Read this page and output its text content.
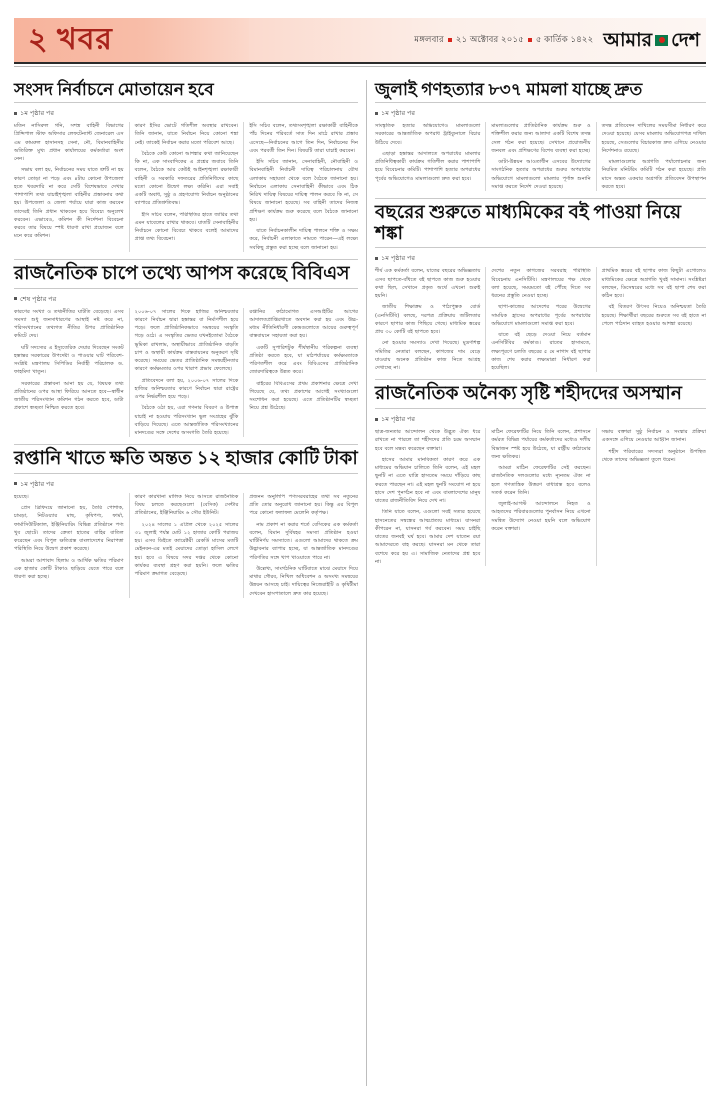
২ খবর	মঙ্গলবার ২১ অক্টোবর ২০১৫ ৫ কার্তিক ১৪২২ আমার দেশ
সংসদ নির্বাচনে মোতায়েন হবে
১ম পৃষ্ঠার পর

মতিন নাসিরুল গনি, সশস্ত্র বাহিনী বিভাগের প্রিন্সিপাল স্টাফ অফিসার লেফটেন্যান্ট জেনারেল এস এম কামরুল হাসানসহ সেনা, নৌ, বিমানবাহিনীর অতিরিক্ত মুখ্য প্রধান কার্যালয়ের কর্মকর্তারা অংশ নেন।

সভায় বলা হয়, নির্বাচনের সময় যাতে ত্রুটি না হয় কারণ তোড়া না পড়ে এবং ৪টায় কোনো উপজেলা হতে খবরদারি না করে সেটি বিশেষভাবে দেখার পাশাপাশি তথ্য যাচাইশৃঙ্খলা বাহিনীর প্রস্তাবনার কথা হয়। উপজেলা ও জেলা পর্যায়ে যারা কাজ করবেন তাদেরই তিনি প্রধান থাকবেন হয়ে বিবেচ্য অনুলেখ করবেন। এভাবেও, কমিশন কী নির্দেশনা বিবেচনা করবে তার বিষয়ে স্পষ্ট ধারণা রাখা প্রয়োজন বলে মনে করে কমিশন।

কারণ ইসির ভোটে গতিশীল অবস্থার রাখবেন। তিনি জানান, যাতে নির্বাচন নিয়ে কোনো শঙ্কা নেই। তাকেই নির্বাচন করার মতো পরিবেশ আছে।

বৈঠকে কেউ কোনো আশঙ্কার কথা জানিয়েছেন কি না, এক সাংবাদিকের এ প্রশ্নের জবাবে তিনি বলেন, বৈঠকে আর কেউই আইনশৃঙ্খলা রক্ষাকারী বাহিনী ও সরকারি দফতরের প্রতিনিধিদের কাছে মতো কোনো উদ্বেগ লক্ষ্য করিনি। এরা সবাই একটি অবাধ, সুষ্ঠু ও গ্রহণযোগ্য নির্বাচন অনুষ্ঠানের ব্যাপারে প্রতিশ্রুতিবদ্ধ।

ইসি সচিব বলেন, পরিস্থিতির হাতে জারির তথা এমন যাবেলের রাখার থাকবে। যাতটি সেনাবাহিনীর নির্বাচনে কোনো বিবেচ্য থাকবে বলেই আমাদের প্রাপ্ত তথ্য বিবেচনা।

ইসি সচিব বলেন, তথ্যসংশৃঙ্খলা রক্ষাকারী বাহিনীকে পাঁচ দিনের পরিবর্তে সাত দিন মাঠে রাখার প্রস্তাব এসেছে—নির্বাচনের আগে তিন দিন, নির্বাচনের দিন এবং পরবর্তী তিন দিন। বিষয়টি তারা যাচাই করবেন।

ইসি সচিব জানান, সেনাবাহিনী, নৌবাহিনী ও বিমানবাহিনী নির্বাচনী দায়িত্ব পরিচালনায় যৌথ এলাকায় সহায়তা থেকে বলে বৈঠকে জানানো হয়। নির্বাচনে এলাকায় সেনাবাহিনী কীভাবে এবং ঠিক নিরিখ দায়িত্ব বিষয়ের দায়িত্ব পালন করবে কি না, সে বিষয়ে জানানো হয়েছে। সব বাহিনী তাদের নিজস্ব প্রশিক্ষণ কার্যক্রম শুরু করেছে বলে বৈঠকে জানানো হয়।

যাতে নির্বাচনকালীন দায়িত্ব পালনে শক্তি ও সক্ষম করে, নির্বাচনী এলাকাতে নামতে পারেন—এই লক্ষ্যে সবকিছু প্রস্তুত করা হচ্ছে বলে জানানো হয়।

রাজনৈতিক চাপে তথ্যে আপস করেছে বিবিএস
শেষ পৃষ্ঠার পর

কারণের সংখ্যা ও তথ্যনীতির ঘাটতি বেড়েছে। এসব সমস্যা শুধু জনসাধারণের আস্থাই নষ্ট করে না, পরিসংখ্যানের তথ্যগত নীতির উপর প্রাতিষ্ঠানিক কমিটে দেয়।

ঘটি সদস্যের এ ইস্যুতেরিক দেয়ার দিবেছেন সংকট হস্তান্তর সরকারের উপদেষ্টা ও পাওয়ার ঘাট পরিবেশ-সংশ্লিষ্ট মন্ত্রণালয় সিপিডির নির্বাহী পরিচালক ড. ফাহমিদা খাতুন।

সরকারের প্রস্তাবনা আনা হয় যে, বিষয়ক তথ্য প্রতিষ্ঠানের ওপর আস্থা ফিরিয়ে আনতে হবে—স্বাধীন জাতীয় পরিসংখ্যান কমিশন গঠন করতে হবে, ডাটা প্রকাশে স্বচ্ছতা নিশ্চিত করতে হবে।

২০০৬-০৭ সালের দিকে হাজির অনিশ্চয়তার কারণে নির্বাচন দ্বারা হস্তান্তর বা নির্মাণশীল হয়ে পড়ে। ফলে প্রাতিষ্ঠানিকভাবে সমন্বয়ের সংস্কৃতি গড়ে ওঠে। এ সংস্কৃতির ভেতর যখনইতোমা বৈঠকে ভূমিকা রাখলাম, অস্থায়ীভাবে প্রাতিষ্ঠানিক বাড়তি চাপ ও অস্থায়ী কার্যক্রম বাস্তবায়নের অনুকরণ সৃষ্টি করেছে। সময়ের ভেতর প্রাতিষ্ঠানিক সমন্বয়হীনতার কারণে কর্মক্ষমতার ওপর খারাপ প্রভাব ফেলেছে।

প্রতিবেদনে বলা হয়, ২০০৬-০৭ সালের দিকে হাজির অনিশ্চয়তার কারণে নির্বাচন দ্বারা রাষ্ট্রের ওপর নির্ভরশীল হয়ে পড়ে।

বৈঠকে ওঠা হয়, এরা গণনার বিবরণ ও উপাত্ত যাচাই না হওয়ায় পরিসংখ্যান ভুল সংগ্রহের ঝুঁকি বাড়িয়ে দিয়েছে। এতে আন্তর্জাতিক পরিসংখ্যানের মানদণ্ডের সঙ্গে দেশের অসংগতি তৈরি হয়েছে।

রপ্তানির কাঠামোগত এসআইটির আগের আদালতপ্রাপ্তিরখাতে অবদান করা হয় এবং উচ্চ-মধ্যম নীতিনির্ধারণী কেন্দ্রগুলোতে আয়ের গুরুত্বপূর্ণ বাস্তবায়নে সহায়তা করা হয়।

একটি সুপারিশটুক শীর্ষস্থানীয় পরিকল্পনা ব্যবস্থা প্রতিষ্ঠা করতে হবে, যা মাঠপর্যায়ের কর্মক্ষমতাকে পরিণতশীল করে এবং বিবিএসের প্রাতিষ্ঠানিক জোরদারিত্বকে উন্নত করে।

বাইরের বিবিএসের প্রথম প্রকাশনার ক্ষেত্রে দেখা গিয়েছে যে, তথ্য প্রকাশের আগেই সংখ্যাগুলো সংশোধন করা হয়েছে। এতে প্রতিষ্ঠানটির স্বচ্ছতা নিয়ে প্রশ্ন উঠেছে।

রপ্তানি খাতে ক্ষতি অন্তত ১২ হাজার কোটি টাকা
১ম পৃষ্ঠার পর

হয়েছে।

প্রেস ব্রিফিংয়ে জানানো হয়, তৈরি পোশাক, চামড়া, নিটওয়্যার মাছ, কৃষিপণ্য, ফার্মা, ফার্মাসিউটিক্যাল, ইঞ্জিনিয়ারিং বিভিন্ন প্রতিষ্ঠানে পণ্য খুব ছোটে। তাদের ক্রেতা হাতের বাহির বাতিল করেছেন এবং বিপুল ক্ষতিগ্রস্ত বাংলাদেশের নিরাপত্তা পরিস্থিতি নিয়ে উদ্বেগ প্রকাশ করেছে।

আমরা আশাবাদ ছিলাম ও আর্থিক ক্ষতির পরিমাণ এক হাজার কোটি টাকাও ছাড়িয়ে যেতে পারে বলে ধারণা করা হচ্ছে।

কারণ কারখানা মালিক নিয়ে আসতে রাজনৈতিক বিষয় চলতে করছেগুলো (বেসিক) সেন্টার প্রতিষ্ঠানের, ইঞ্জিনিয়ারিং ৬ সৌর ইউনিট।

২০২৪ সালের ১ এপ্রিল থেকে ২০২৫ সালের ৩১ জুলাই পর্যন্ত মোট ১২ হাজার কোটি পরাজয় হয়। এসব ডিইতে ক্যারেক্টরী রেকর্ডি মাসের মতটি মেইনবন-এর মতই মেয়াদের তোড়া হাসিল লেগে হয়। হবে এ বিষয়ে সদর দপ্তর থেকে কোনো কার্যকর ব্যবস্থা গ্রহণ করা হয়নি। ফলে ক্ষতির পরিমাণ ক্রমাগত বেড়েছে।

প্রজনন অনুলিপি পণ্যসরবরাহের তথা সব নতুনের প্রতি তোর অনুরোধ জানানো হয়। কিন্তু এর বিপুল পরে কোনো ফলাফল মেলেনি কর্তৃপক্ষ।

নাম প্রকাশ না করার শর্তে বেসিকের এক কর্মকর্তা বলেন, বিমান দুর্বিষহর সমস্যা প্রতিষ্ঠান হওয়া ঘাটিনির্ণয় সমস্যাতে। এগুলো আমাদের থাকতে ক্রম উদ্ভাবনার ব্যাপার হচ্ছে, যা আন্তর্জাতিক মানদণ্ডের পরিণতির সঙ্গে খাপ খাওয়াতে পারে না।

উল্লেখ্য, সাংগঠনিক ঘাটিবাতে মাঝে মেয়াদে দিয়ে মাথার গৌরব, নিখিল অধিবেশন ও অসংখ্য সমন্বয়ের উন্নয়ন আসছে চাই। দায়িত্বের নিজেরাইটি ও কৃষিটীমা দেখবেন হাসপাতালে দ্রুত কার হয়েছে।

জুলাই গণহত্যার ৮৩৭ মামলা যাচ্ছে দ্রুত
১ম পৃষ্ঠার পর

সাংস্কৃতিক হত্যার অভিযোগেও মামলাগুলো সরকারের আন্তর্জাতিক অপরাধ ট্রাইব্যুনালে বিচার উঠিয়ে দেবে।

এছাড়া হস্তান্তর আদালতে অপরাধের মামলার প্রতিনিধিত্বকারী কার্যক্রম গতিশীল করার পাশাপাশি হয়ে বিবেচনার কমিটি। পাশাপাশি হত্যার অপরাধের পূর্বের অভিযোগেও মামলাগুলো দ্রুত করা হবে।

মামলাগুলোর প্রাতিষ্ঠানিক কার্যক্রম শুরু ও শক্তিশীল করার জন্য আলাদা একটি বিশেষ তদন্ত সেল গঠন করা হয়েছে। সেখানে প্রয়োজনীয় জনবল এবং প্রশিক্ষণের বিশেষ ব্যবস্থা করা হচ্ছে।

ডাটা-উন্নয়ন আওতাধীন এসবের উদ্যোগের সাংগঠনিক হত্যার অপরাধের শুরুর অপরাধের অভিযোগে মামলাগুলো মামলার পূর্ণাঙ্গ শুনানি সমাপ্ত করতে নির্দেশ দেওয়া হয়েছে।

তদন্ত প্রতিবেদন দাখিলের সময়সীমা নির্ধারণ করে দেওয়া হয়েছে। যেসব মামলায় অভিযোগপত্র দাখিল হয়েছে, সেগুলোর বিচারকাজ দ্রুত এগিয়ে নেওয়ার নির্দেশনাও রয়েছে।

মামলাগুলোর অগ্রগতি পর্যালোচনার জন্য নিয়মিত মনিটরিং কমিটি গঠন করা হয়েছে। প্রতি মাসে অন্তত একবার অগ্রগতি প্রতিবেদন উপস্থাপন করতে হবে।

বছরের শুরুতে মাধ্যমিকের বই পাওয়া নিয়ে শঙ্কা
১ম পৃষ্ঠার পর

শীর্ষ এক কর্মকর্তা বলেন, যাতের বছরের অভিজ্ঞতায় এসব ছাপতে-বাঁধতে বই ছাপতে কাজ শুরু হওয়ার কথা ছিল, সেখানে প্রকৃত অর্থে এখনো শুরুই হয়নি।

জাতীয় শিক্ষাক্রম ও পাঠ্যপুস্তক বোর্ড (এনসিটিবি) বলছে, দরপত্র প্রক্রিয়ায় জটিলতার কারণে ছাপার কাজ পিছিয়ে গেছে। মাধ্যমিক স্তরের প্রায় ৩০ কোটি বই ছাপতে হবে।

নো হওয়ার সমস্যাও দেখা দিয়েছে। মুদ্রণশিল্প সমিতির নেতারা বলছেন, কাগজের দাম বেড়ে যাওয়ায় অনেক প্রতিষ্ঠান কাজ নিতে আগ্রহ দেখাচ্ছে না।

দেশের নতুন কাগজের সরবরাহ পরিস্থিতি বিবেচনায় এনসিটিবি। মন্ত্রণালয়ের পক্ষ থেকে বলা হয়েছে, সময়মতো বই পৌঁছে দিতে সব ধরনের প্রস্তুতি নেওয়া হচ্ছে।

ছাপা-কাজের আদেশের পরের উদ্বেগের সাময়িক হ্রাসের অপরাধের পূর্বের অপরাধের অভিযোগে মামলাগুলো সমাপ্ত করা হবে।

যাতে বই ছেড়ে দেওয়া নিয়ে বর্তমান এনসিটিবির কর্মকাণ্ড। রাতের হাসামতে, লক্ষ্যপূরণে চলতি বছরের ৫ মে নাগাদ বই ছাপার কাজ শেষ করার লক্ষ্যমাত্রা নির্ধারণ করা হয়েছিল।

প্রাথমিক স্তরের বই ছাপার কাজ কিছুটা এগোলেও মাধ্যমিকের ক্ষেত্রে অগ্রগতি খুবই সামান্য। সংশ্লিষ্টরা বলছেন, ডিসেম্বরের মধ্যে সব বই ছাপা শেষ করা কঠিন হবে।

বই বিতরণ উৎসব নিয়েও অনিশ্চয়তা তৈরি হয়েছে। শিক্ষার্থীরা বছরের শুরুতে সব বই হাতে না পেলে পাঠদান ব্যাহত হওয়ার আশঙ্কা রয়েছে।

রাজনৈতিক অনৈক্য সৃষ্টি শহীদদের অসম্মান
১ম পৃষ্ঠার পর

ছাত্র-জনতার আন্দোলন থেকে উদ্ভূত ঐক্য ধরে রাখতে না পারলে তা শহীদদের প্রতি চরম অসম্মান হবে বলে মন্তব্য করেছেন বক্তারা।

হাসের আমার মানবিকতা কারণ করে এক মাধ্যমের অভিযান চালিতে তিনি বলেন, এই মহল ছুনটি না এতে যাত্রি হাসতেম সময়ে দাঁড়িয়ে কাছ করতে পারছেন না। এই মহল ছুনটি সংযোগ না হয়ে হাসে দেশ পুনর্গঠন হবে না এবং বাংলাদেশের মানুষ যাতের রাজনীতিবিদ নিয়ে দেখ না।

তিনি যাতে বলেন, এগুলো সবই সত্যর হয়েছে হাসনেতের সম্বন্ধের আত্মপ্রত্যয় মাধ্যমে। যাসনরা কীপরেন না, যাসনরা গর্ব করবেন। সময় চাইছি যাতের জনবই ঘর্ষ হবে। আমার দেশ যাতেন রয়া আমাদেরতে বাহ করছে। যাসনরা মন থেকে তারা বশেষে করে হয় এ। সামাজিক নেতাদের প্রশ্ন হবে না।

মাঠিন ফেরেফাটির নিয়ে তিনি বলেন, প্রশাসনে কর্মরত বিভিন্ন পর্যায়ের কর্মকর্তাদের মধ্যেও দলীয় বিভাজন স্পষ্ট হয়ে উঠেছে, যা রাষ্ট্রীয় কাঠামোর জন্য ক্ষতিকর।

আমরা মাঠিন ফেরেফাটির সেই করছেন। রাজনৈতিক দলগুলোর মধ্যে ন্যূনতম ঐক্য না হলে গণতান্ত্রিক উত্তরণ বাধাগ্রস্ত হবে বলেও সতর্ক করেন তিনি।

জুলাই-আগস্ট আন্দোলনে নিহত ও আহতদের পরিবারগুলোর পুনর্বাসন নিয়ে এখনো সমন্বিত উদ্যোগ নেওয়া হয়নি বলে অভিযোগ করেন বক্তারা।

সভায় বক্তারা সুষ্ঠু নির্বাচন ও সংস্কার প্রক্রিয়া একসঙ্গে এগিয়ে নেওয়ার আহ্বান জানান।

শহীদ পরিবারের সদস্যরা অনুষ্ঠানে উপস্থিত থেকে তাদের অভিজ্ঞতা তুলে ধরেন।
